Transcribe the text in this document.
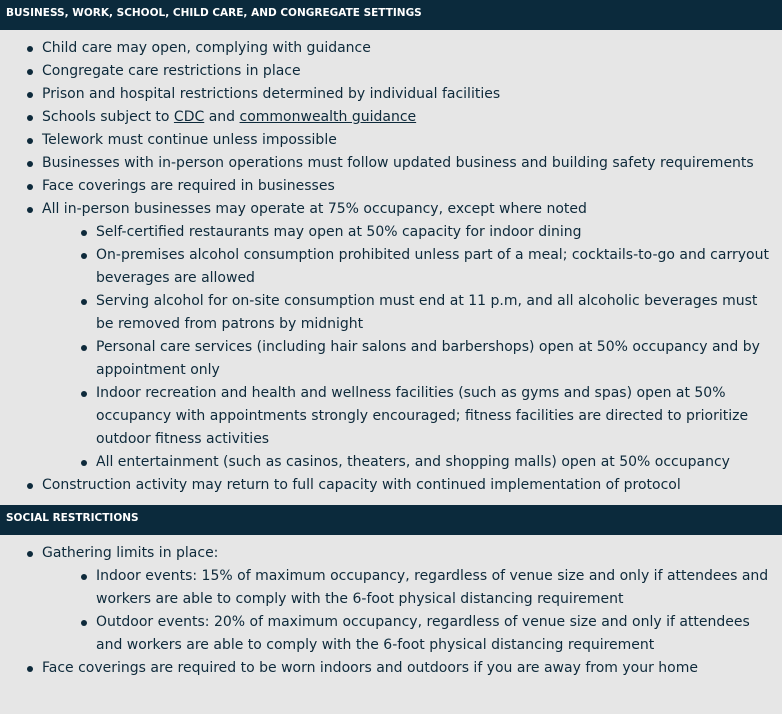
BUSINESS, WORK, SCHOOL, CHILD CARE, AND CONGREGATE SETTINGS
Child care may open, complying with guidance
Congregate care restrictions in place
Prison and hospital restrictions determined by individual facilities
Schools subject to CDC and commonwealth guidance
Telework must continue unless impossible
Businesses with in-person operations must follow updated business and building safety requirements
Face coverings are required in businesses
All in-person businesses may operate at 75% occupancy, except where noted
Self-certified restaurants may open at 50% capacity for indoor dining
On-premises alcohol consumption prohibited unless part of a meal; cocktails-to-go and carryout beverages are allowed
Serving alcohol for on-site consumption must end at 11 p.m, and all alcoholic beverages must be removed from patrons by midnight
Personal care services (including hair salons and barbershops) open at 50% occupancy and by appointment only
Indoor recreation and health and wellness facilities (such as gyms and spas) open at 50% occupancy with appointments strongly encouraged; fitness facilities are directed to prioritize outdoor fitness activities
All entertainment (such as casinos, theaters, and shopping malls) open at 50% occupancy
Construction activity may return to full capacity with continued implementation of protocol
SOCIAL RESTRICTIONS
Gathering limits in place:
Indoor events: 15% of maximum occupancy, regardless of venue size and only if attendees and workers are able to comply with the 6-foot physical distancing requirement
Outdoor events: 20% of maximum occupancy, regardless of venue size and only if attendees and workers are able to comply with the 6-foot physical distancing requirement
Face coverings are required to be worn indoors and outdoors if you are away from your home
